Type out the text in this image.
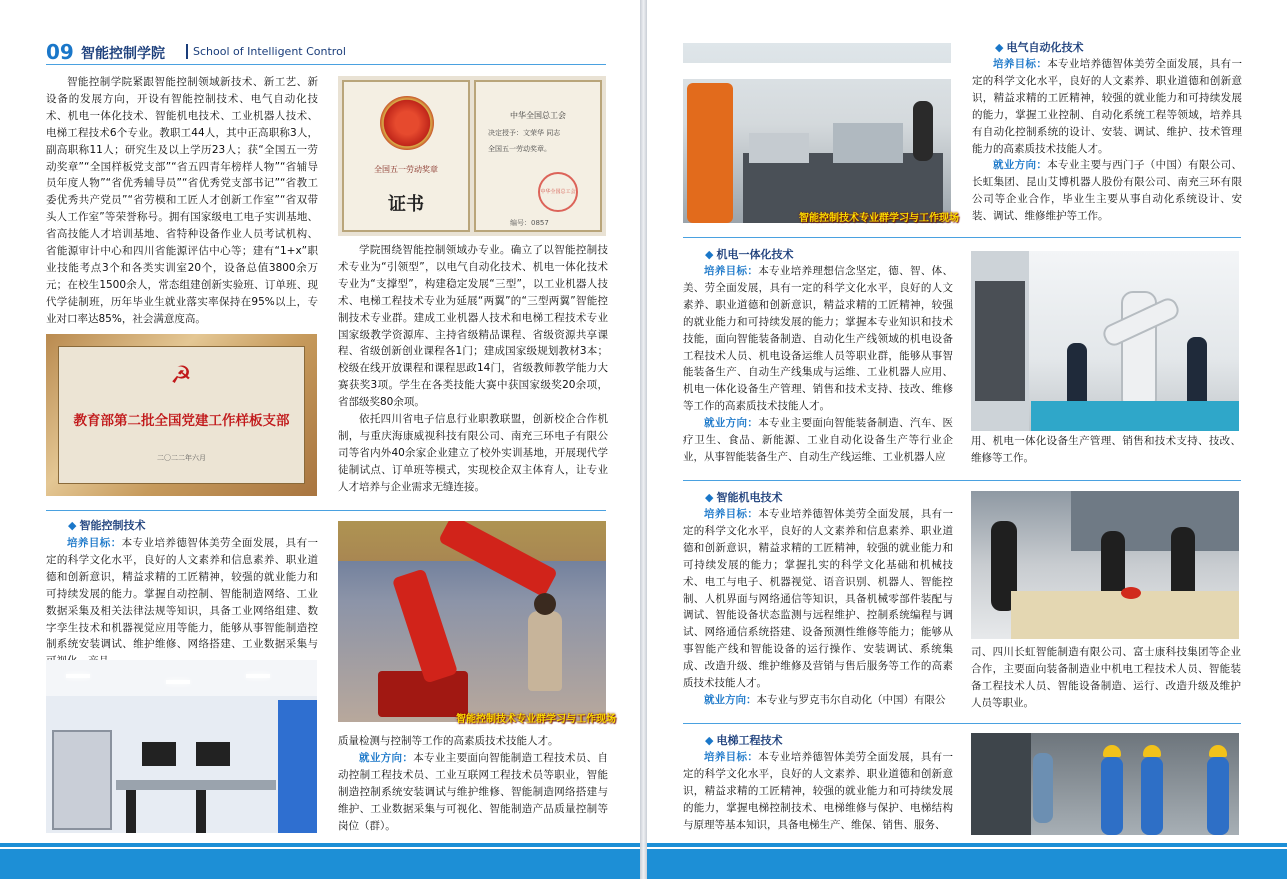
09 智能控制学院	School of Intelligent Control

智能控制学院紧跟智能控制领域新技术、新工艺、新设备的发展方向，开设有智能控制技术、电气自动化技术、机电一体化技术、智能机电技术、工业机器人技术、电梯工程技术6个专业。教职工44人，其中正高职称3人，副高职称11人；研究生及以上学历23人；获“全国五一劳动奖章”“全国样板党支部”“省五四青年榜样人物”“省辅导员年度人物”“省优秀辅导员”“省优秀党支部书记”“省教工委优秀共产党员”“省劳模和工匠人才创新工作室”“省双带头人工作室”等荣誉称号。拥有国家级电工电子实训基地、省高技能人才培训基地、省特种设备作业人员考试机构、省能源审计中心和四川省能源评估中心等；建有“1+x”职业技能考点3个和各类实训室20个，设备总值3800余万元；在校生1500余人，常态组建创新实验班、订单班、现代学徒制班，历年毕业生就业落实率保持在95%以上，专业对口率达85%，社会满意度高。

全国五一劳动奖章
证书
中华全国总工会
决定授予：文荣华 同志
全国五一劳动奖章。
中华全国总工会
编号：0857

学院围绕智能控制领域办专业。确立了以智能控制技术专业为“引领型”，以电气自动化技术、机电一体化技术专业为“支撑型”，构建稳定发展“三型”，以工业机器人技术、电梯工程技术专业为延展“两翼”的“三型两翼”智能控制技术专业群。建成工业机器人技术和电梯工程技术专业国家级教学资源库、主持省级精品课程、省级资源共享课程、省级创新创业课程各1门；建成国家级规划教材3本；校级在线开放课程和课程思政14门，省级教师教学能力大赛获奖3项。学生在各类技能大赛中获国家级奖20余项，省部级奖80余项。

依托四川省电子信息行业职教联盟，创新校企合作机制，与重庆海康威视科技有限公司、南充三环电子有限公司等省内外40余家企业建立了校外实训基地，开展现代学徒制试点、订单班等模式，实现校企双主体育人，让专业人才培养与企业需求无缝连接。

☭
教育部第二批全国党建工作样板支部
二〇二二年六月
◆ 智能控制技术

培养目标：本专业培养德智体美劳全面发展，具有一定的科学文化水平，良好的人文素养和信息素养、职业道德和创新意识，精益求精的工匠精神，较强的就业能力和可持续发展的能力。掌握自动控制、智能制造网络、工业数据采集及相关法律法规等知识，具备工业网络组建、数字孪生技术和机器视觉应用等能力，能够从事智能制造控制系统安装调试、维护维修、网络搭建、工业数据采集与

智能控制技术专业群学习与工作现场

质量检测与控制等工作的高素质技术技能人才。

就业方向：本专业主要面向智能制造工程技术员、自动控制工程技术员、工业互联网工程技术员等职业，智能制造控制系统安装调试与维护维修、智能制造网络搭建与维护、工业数据采集与可视化、智能制造产品质量控制等岗位（群）。

智能控制技术专业群学习与工作现场
◆ 电气自动化技术

培养目标：本专业培养德智体美劳全面发展，具有一定的科学文化水平，良好的人文素养、职业道德和创新意识，精益求精的工匠精神，较强的就业能力和可持续发展的能力，掌握工业控制、自动化系统工程等领域，培养具有自动化控制系统的设计、安装、调试、维护、技术管理能力的高素质技术技能人才。

就业方向：本专业主要与西门子（中国）有限公司、长虹集团、昆山艾博机器人股份有限公司、南充三环有限公司等企业合作，毕业生主要从事自动化系统设计、安装、调试、维修维护等工作。

◆ 机电一体化技术

培养目标：本专业培养理想信念坚定，德、智、体、美、劳全面发展，具有一定的科学文化水平，良好的人文素养、职业道德和创新意识，精益求精的工匠精神，较强的就业能力和可持续发展的能力；掌握本专业知识和技术技能，面向智能装备制造、自动化生产线领域的机电设备工程技术人员、机电设备运维人员等职业群，能够从事智能装备生产、自动生产线集成与运维、工业机器人应用、机电一体化设备生产管理、销售和技术支持、技改、维修等工作的高素质技术技能人才。

就业方向：本专业主要面向智能装备制造、汽车、医疗卫生、食品、新能源、工业自动化设备生产等行业企业，从事智能装备生产、自动生产线运维、工业机器人应

用、机电一体化设备生产管理、销售和技术支持、技改、维修等工作。

◆ 智能机电技术

培养目标：本专业培养德智体美劳全面发展，具有一定的科学文化水平，良好的人文素养和信息素养、职业道德和创新意识，精益求精的工匠精神，较强的就业能力和可持续发展的能力；掌握扎实的科学文化基础和机械技术、电工与电子、机器视觉、语音识别、机器人、智能控制、人机界面与网络通信等知识，具备机械零部件装配与调试、智能设备状态监测与远程维护、控制系统编程与调试、网络通信系统搭建、设备预测性维修等能力；能够从事智能产线和智能设备的运行操作、安装调试、系统集成、改造升级、维护维修及营销与售后服务等工作的高素质技术技能人才。

就业方向：本专业与罗克韦尔自动化（中国）有限公

司、四川长虹智能制造有限公司、富士康科技集团等企业合作，主要面向装备制造业中机电工程技术人员、智能装备工程技术人员、智能设备制造、运行、改造升级及维护人员等职业。

◆ 电梯工程技术

培养目标：本专业培养德智体美劳全面发展，具有一定的科学文化水平，良好的人文素养、职业道德和创新意识，精益求精的工匠精神，较强的就业能力和可持续发展的能力，掌握电梯控制技术、电梯维修与保护、电梯结构与原理等基本知识，具备电梯生产、维保、销售、服务、
